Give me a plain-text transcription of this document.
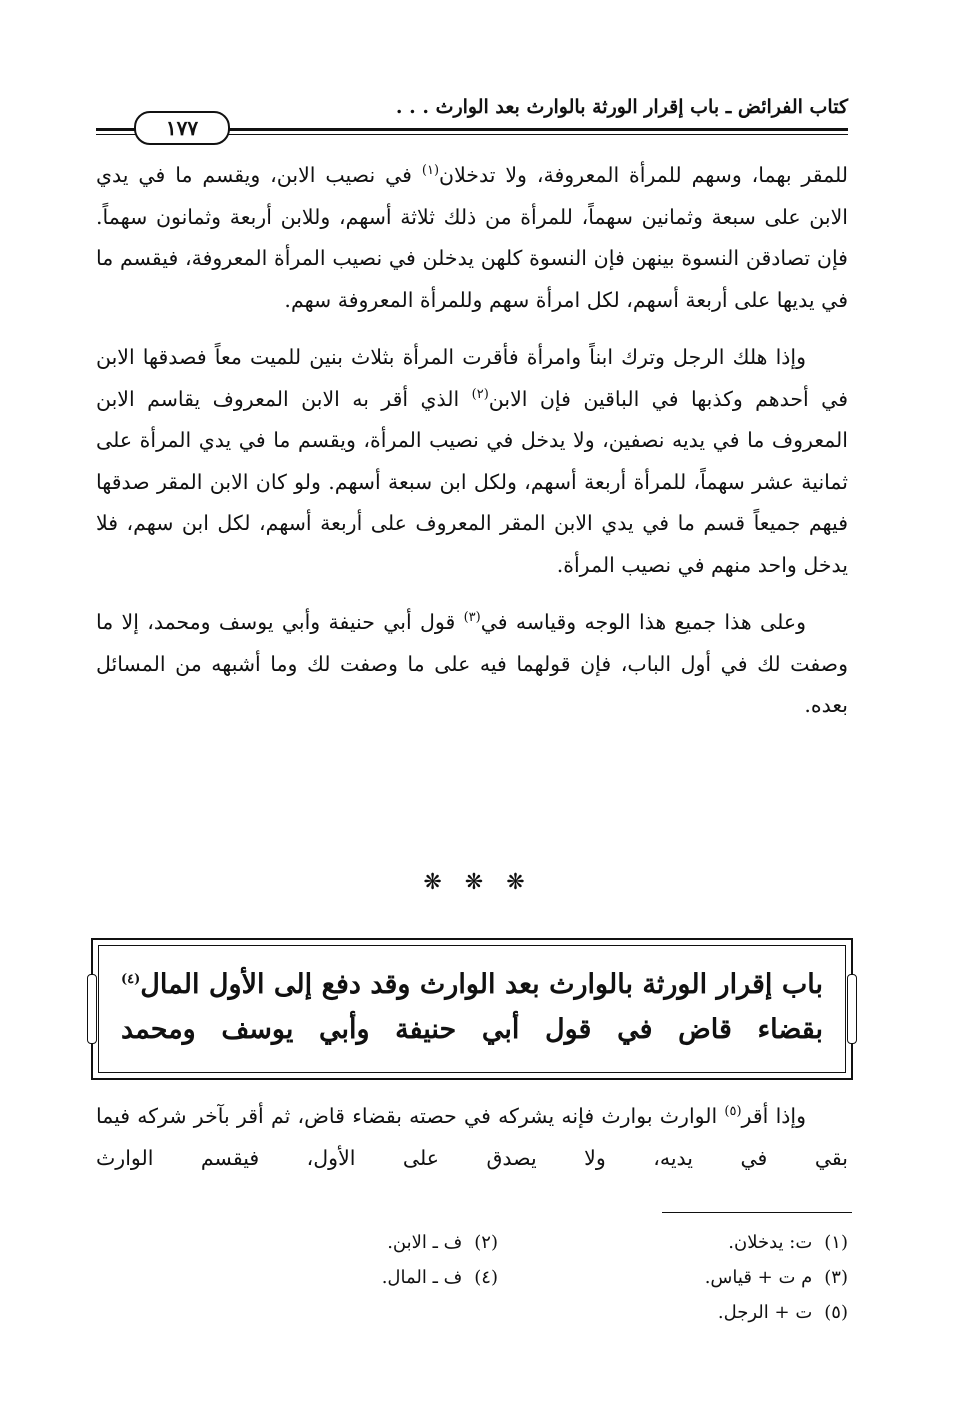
كتاب الفرائض ـ باب إقرار الورثة بالوارث بعد الوارث . . .
١٧٧

للمقر بهما، وسهم للمرأة المعروفة، ولا تدخلان$^{(١)}$ في نصيب الابن، ويقسم ما في يدي الابن على سبعة وثمانين سهماً، للمرأة من ذلك ثلاثة أسهم، وللابن أربعة وثمانون سهماً. فإن تصادقن النسوة بينهن فإن النسوة كلهن يدخلن في نصيب المرأة المعروفة، فيقسم ما في يديها على أربعة أسهم، لكل امرأة سهم وللمرأة المعروفة سهم.

وإذا هلك الرجل وترك ابناً وامرأة فأقرت المرأة بثلاث بنين للميت معاً فصدقها الابن في أحدهم وكذبها في الباقين فإن الابن$^{(٢)}$ الذي أقر به الابن المعروف يقاسم الابن المعروف ما في يديه نصفين، ولا يدخل في نصيب المرأة، ويقسم ما في يدي المرأة على ثمانية عشر سهماً، للمرأة أربعة أسهم، ولكل ابن سبعة أسهم. ولو كان الابن المقر صدقها فيهم جميعاً قسم ما في يدي الابن المقر المعروف على أربعة أسهم، لكل ابن سهم، فلا يدخل واحد منهم في نصيب المرأة.

وعلى هذا جميع هذا الوجه وقياسه في$^{(٣)}$ قول أبي حنيفة وأبي يوسف ومحمد، إلا ما وصفت لك في أول الباب، فإن قولهما فيه على ما وصفت لك وما أشبهه من المسائل بعده.

❋ ❋ ❋
باب إقرار الورثة بالوارث بعد الوارث وقد دفع إلى الأول المال$^{(٤)}$ بقضاء قاض في قول أبي حنيفة وأبي يوسف ومحمد

وإذا أقر$^{(٥)}$ الوارث بوارث فإنه يشركه في حصته بقضاء قاض، ثم أقر بآخر شركه فيما بقي في يديه، ولا يصدق على الأول، فيقسم الوارث

(١)ت: يدخلان.
(٢)ف ـ الابن.
(٣)م ت + قياس.
(٤)ف ـ المال.
(٥)ت + الرجل.
